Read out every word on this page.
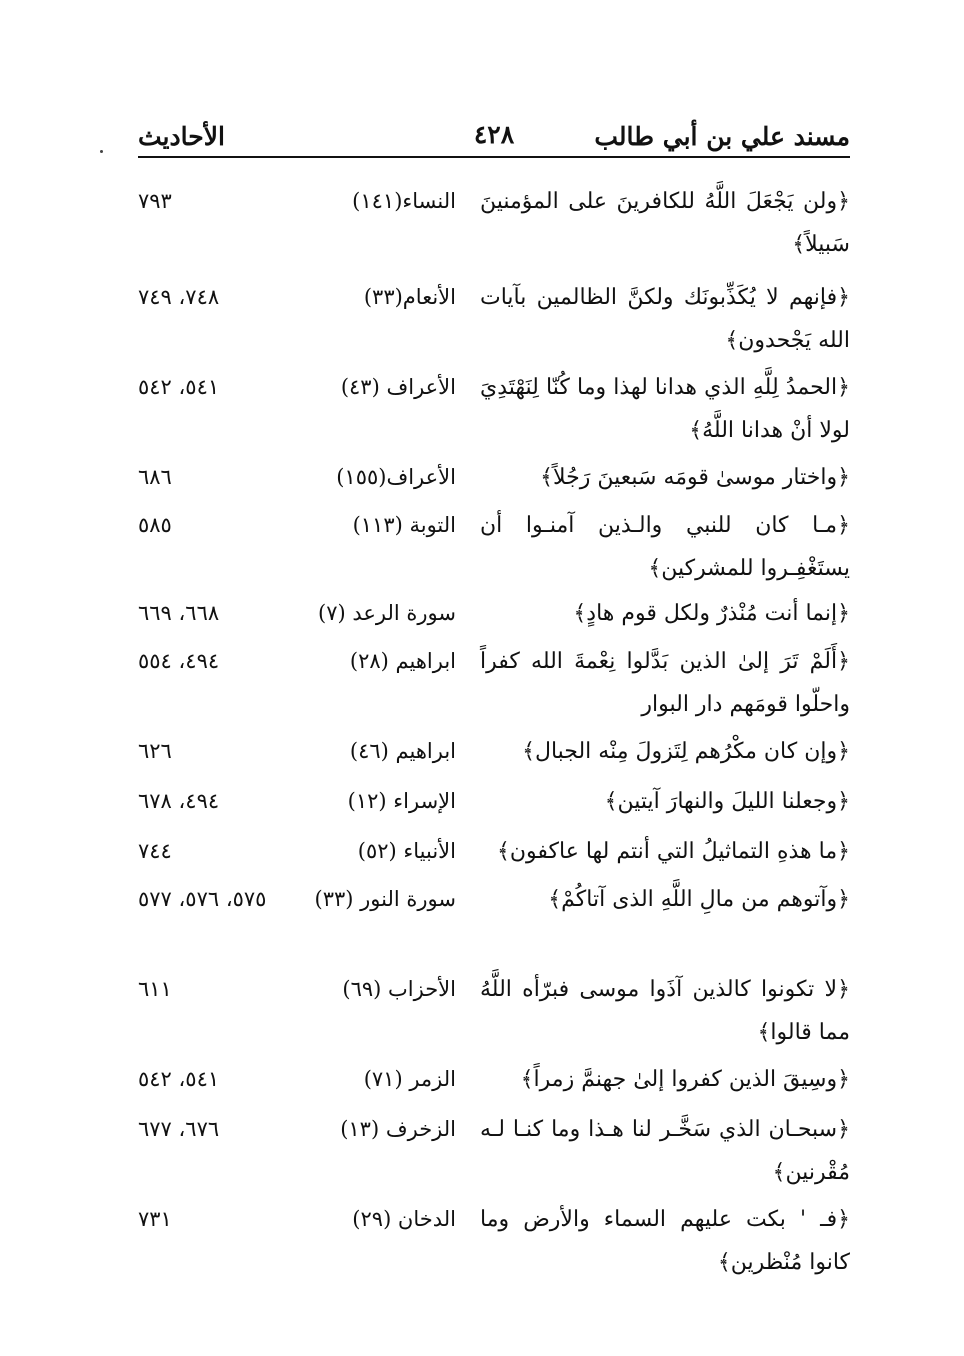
مسند علي بن أبي طالب
٤٢٨
الأحاديث
﴿ولن يَجْعَلَ اللَّهُ للكافرينَ على المؤمنينَ سَبيلاً﴾
النساء(١٤١)
٧٩٣
﴿فإنهم لا يُكَذِّبونَك ولكنَّ الظالمين بآيات الله يَجْحدون﴾
الأنعام(٣٣)
٧٤٨، ٧٤٩
﴿الحمدُ لِلَّهِ الذي هدانا لهذا وما كُنّا لِنَهْتَدِيَ لولا أنْ هدانا اللَّهُ﴾
الأعراف (٤٣)
٥٤١، ٥٤٢
﴿واختار موسىٰ قومَه سَبعينَ رَجُلاً﴾
الأعراف(١٥٥)
٦٨٦
﴿مـا كان للنبي والـذين آمنـوا أن يستَغْفِـروا للمشركين﴾
التوبة (١١٣)
٥٨٥
﴿إنما أنت مُنْذرٌ ولكل قوم هادٍ﴾
سورة الرعد (٧)
٦٦٨، ٦٦٩
﴿أَلَمْ تَرَ إلىٰ الذين بَدَّلوا نِعْمةَ الله كفراً واحلّوا قومَهم دار البوار
ابراهيم (٢٨)
٤٩٤، ٥٥٤
﴿وإن كان مكْرُهم لِتَزولَ مِنْه الجبال﴾
ابراهيم (٤٦)
٦٢٦
﴿وجعلنا الليلَ والنهارَ آيتين﴾
الإسراء (١٢)
٤٩٤، ٦٧٨
﴿ما هذهِ التماثيلُ التي أنتم لها عاكفون﴾
الأنبياء (٥٢)
٧٤٤
﴿وآتوهم من مالِ اللَّهِ الذى آتاكُمْ﴾
سورة النور (٣٣)
٥٧٥، ٥٧٦، ٥٧٧
﴿لا تكونوا كالذين آذَوا موسى فبرّأه اللَّهُ مما قالوا﴾
الأحزاب (٦٩)
٦١١
﴿وسِيقَ الذين كفروا إلىٰ جهنمَّ زمراً﴾
الزمر (٧١)
٥٤١، ٥٤٢
﴿سبحـان الذي سَخَّـر لنا هـذا وما كنـا لـه مُقْرنين﴾
الزخرف (١٣)
٦٧٦، ٦٧٧
﴿فـ ' بكت عليهم السماء والأرض وما كانوا مُنْظرين﴾
الدخان (٢٩)
٧٣١
